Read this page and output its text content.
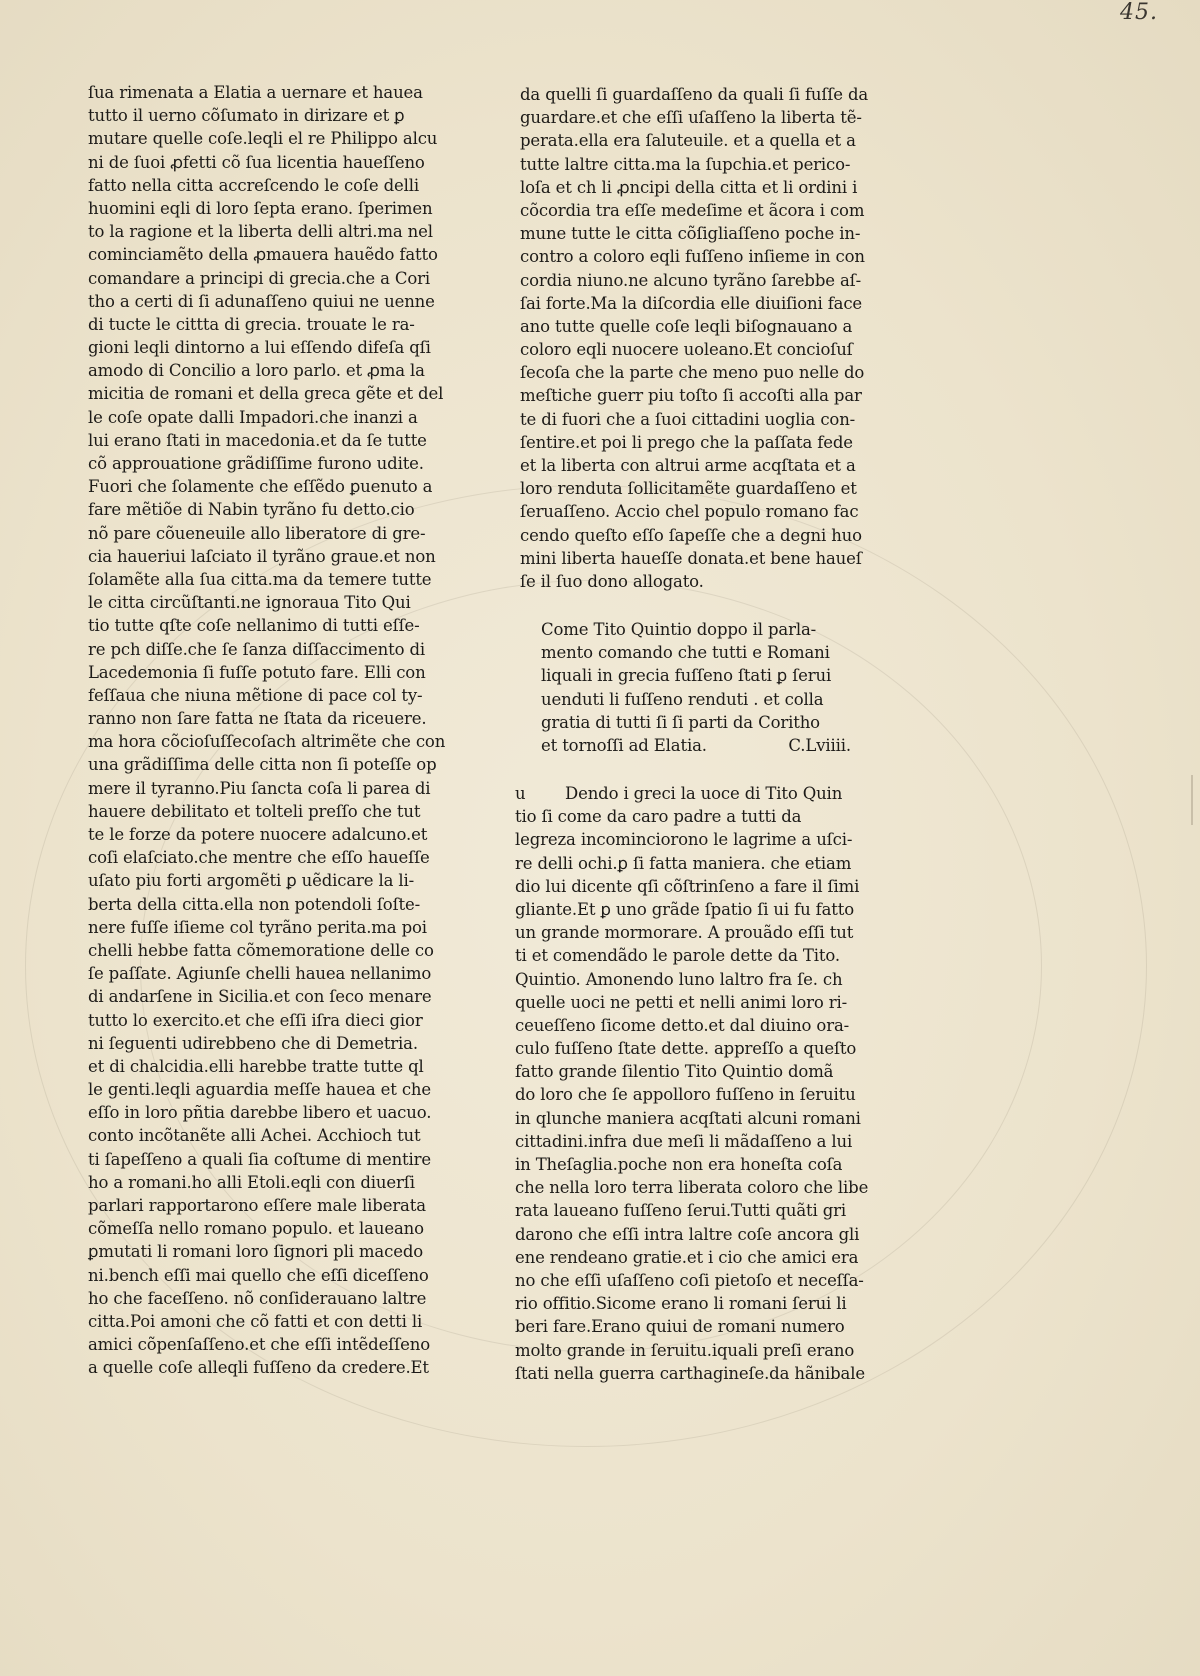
45.
ſua rimenata a Elatia a uernare et hauea
tutto il uerno cõſumato in dirizare et ꝑ
mutare quelle coſe.leqli el re Philippo alcu
ni de ſuoi ꝓfetti cõ ſua licentia haueſſeno
fatto nella citta accreſcendo le coſe delli
huomini eqli di loro ſepta erano. ſperimen
to la ragione et la liberta delli altri.ma nel
cominciamẽto della ꝓmauera hauẽdo fatto
comandare a principi di grecia.che a Cori
tho a certi di ſi adunaſſeno quiui ne uenne
di tucte le cittta di grecia. trouate le ra-
gioni leqli dintorno a lui eſſendo difeſa qſi
amodo di Concilio a loro parlo. et ꝓma la
micitia de romani et della greca gẽte et del
le coſe opate dalli Impadori.che inanzi a
lui erano ſtati in macedonia.et da ſe tutte
cõ approuatione grãdiſſime furono udite.
Fuori che ſolamente che eſſẽdo ꝑuenuto a
fare mẽtiõe di Nabin tyrãno fu detto.cio
nõ pare cõueneuile allo liberatore di gre-
cia haueriui laſciato il tyrãno graue.et non
ſolamẽte alla ſua citta.ma da temere tutte
le citta circũſtanti.ne ignoraua Tito Qui
tio tutte qſte coſe nellanimo di tutti eſſe-
re pch diſſe.che ſe ſanza diſſaccimento di
Lacedemonia ſi fuſſe potuto fare. Elli con
feſſaua che niuna mẽtione di pace col ty-
ranno non ſare fatta ne ſtata da riceuere.
ma hora cõcioſuſſecoſach altrimẽte che con
una grãdiſſima delle citta non ſi poteſſe op
mere il tyranno.Piu ſancta coſa li parea di
hauere debilitato et tolteli preſſo che tut
te le forze da potere nuocere adalcuno.et
coſi elaſciato.che mentre che eſſo haueſſe
uſato piu forti argomẽti ꝑ uẽdicare la li-
berta della citta.ella non potendoli ſoſte-
nere fuſſe iſieme col tyrãno perita.ma poi
chelli hebbe fatta cõmemoratione delle co
ſe paſſate. Agiunſe chelli hauea nellanimo
di andarſene in Sicilia.et con ſeco menare
tutto lo exercito.et che eſſi iſra dieci gior
ni ſeguenti udirebbeno che di Demetria.
et di chalcidia.elli harebbe tratte tutte ql
le genti.leqli aguardia meſſe hauea et che
eſſo in loro pñtia darebbe libero et uacuo.
conto incõtanẽte alli Achei. Acchioch tut
ti ſapeſſeno a quali ſia coſtume di mentire
ho a romani.ho alli Etoli.eqli con diuerſi
parlari rapportarono eſſere male liberata
cõmeſſa nello romano populo. et laueano
ꝑmutati li romani loro ſignori pli macedo
ni.bench eſſi mai quello che eſſi diceſſeno
ho che faceſſeno. nõ conſiderauano laltre
citta.Poi amoni che cõ fatti et con detti li
amici cõpenſaſſeno.et che eſſi intẽdeſſeno
a quelle coſe alleqli fuſſeno da credere.Et
da quelli ſi guardaſſeno da quali ſi fuſſe da
guardare.et che eſſi uſaſſeno la liberta tẽ-
perata.ella era ſaluteuile. et a quella et a
tutte laltre citta.ma la ſupchia.et perico-
loſa et ch li ꝓncipi della citta et li ordini i
cõcordia tra eſſe medeſime et ãcora i com
mune tutte le citta cõſigliaſſeno poche in-
contro a coloro eqli fuſſeno inſieme in con
cordia niuno.ne alcuno tyrãno ſarebbe aſ-
ſai forte.Ma la diſcordia elle diuiſioni face
ano tutte quelle coſe leqli biſognauano a
coloro eqli nuocere uoleano.Et concioſuſ
ſecoſa che la parte che meno puo nelle do
meſtiche guerr piu toſto ſi accoſti alla par
te di fuori che a ſuoi cittadini uoglia con-
ſentire.et poi li prego che la paſſata fede
et la liberta con altrui arme acqſtata et a
loro renduta ſollicitamẽte guardaſſeno et
ſeruaſſeno. Accio chel populo romano fac
cendo queſto eſſo ſapeſſe che a degni huo
mini liberta haueſſe donata.et bene haueſ
ſe il ſuo dono allogato.
Come Tito Quintio doppo il parla-
mento comando che tutti e Romani
liquali in grecia fuſſeno ſtati ꝑ ſerui
uenduti li fuſſeno renduti . et colla
gratia di tutti ſi ſi parti da Coritho
et tornoſſi ad Elatia.	C.Lviiii.
u Dendo i greci la uoce di Tito Quin
tio ſi come da caro padre a tutti da
legreza incominciorono le lagrime a uſci-
re delli ochi.ꝑ ſi fatta maniera. che etiam
dio lui dicente qſi cõſtrinſeno a fare il ſimi
gliante.Et ꝑ uno grãde ſpatio ſi ui fu fatto
un grande mormorare. A prouãdo eſſi tut
ti et comendãdo le parole dette da Tito.
Quintio. Amonendo luno laltro fra ſe. ch
quelle uoci ne petti et nelli animi loro ri-
ceueſſeno ſicome detto.et dal diuino ora-
culo fuſſeno ſtate dette. appreſſo a queſto
fatto grande ſilentio Tito Quintio domã
do loro che ſe appolloro fuſſeno in ſeruitu
in qlunche maniera acqſtati alcuni romani
cittadini.infra due meſi li mãdaſſeno a lui
in Theſaglia.poche non era honeſta coſa
che nella loro terra liberata coloro che libe
rata laueano fuſſeno ſerui.Tutti quãti gri
darono che eſſi intra laltre coſe ancora gli
ene rendeano gratie.et i cio che amici era
no che eſſi uſaſſeno coſi pietoſo et neceſſa-
rio offitio.Sicome erano li romani ſerui li
beri fare.Erano quiui de romani numero
molto grande in ſeruitu.iquali preſi erano
ſtati nella guerra carthagineſe.da hãnibale
